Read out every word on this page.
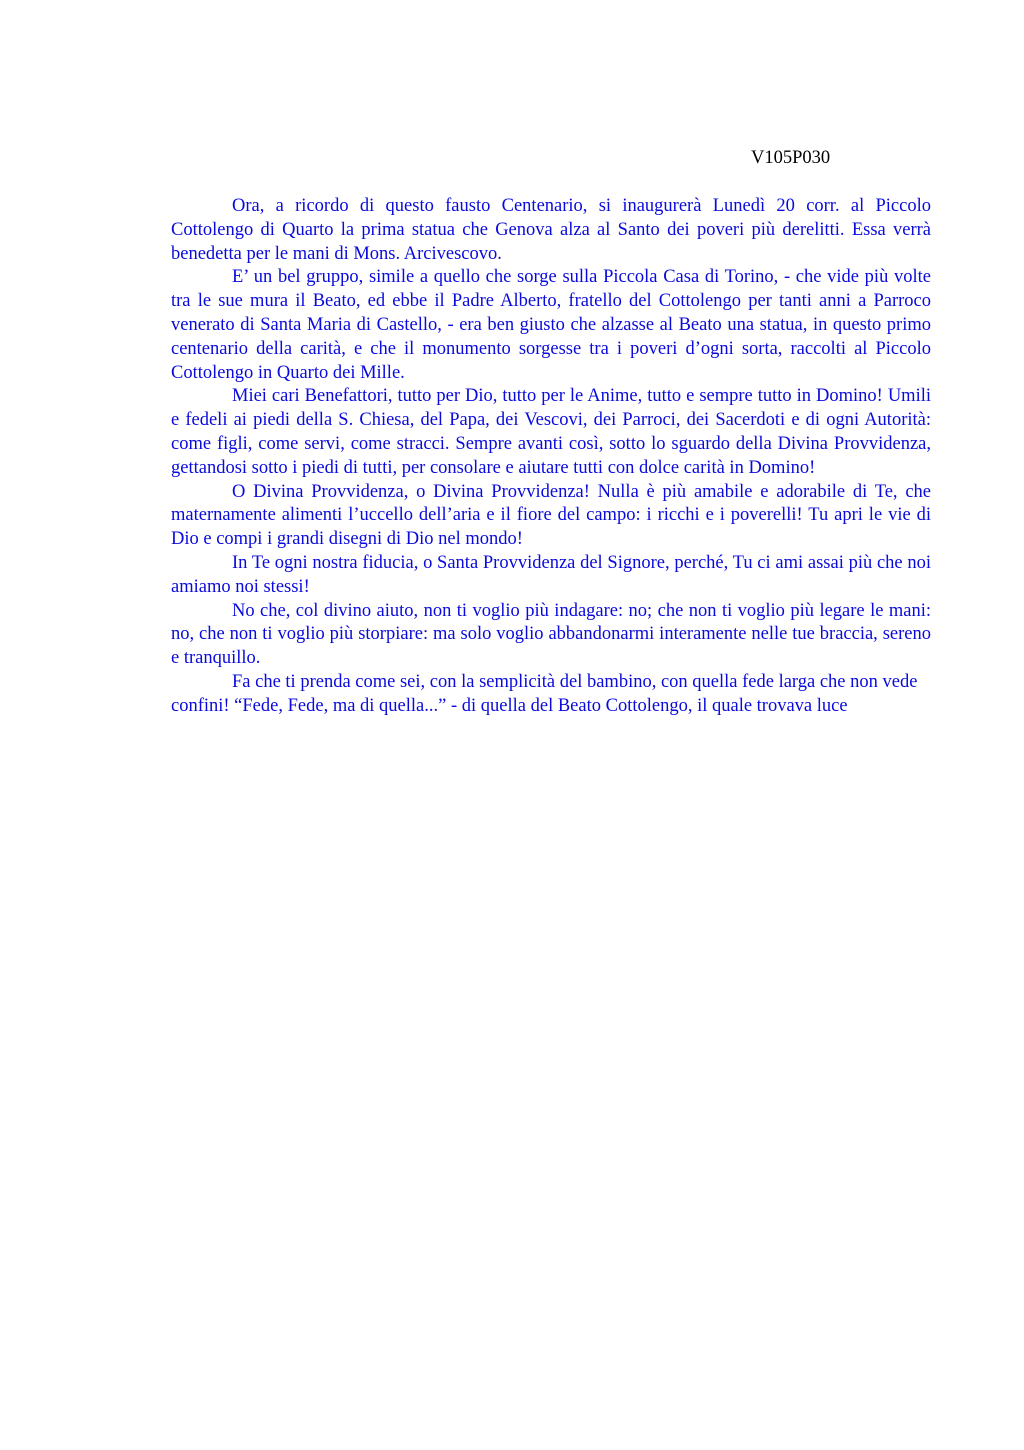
V105P030

Ora, a ricordo di questo fausto Centenario, si inaugurerà Lunedì 20 corr. al Piccolo Cottolengo di Quarto la prima statua che Genova alza al Santo dei poveri più derelitti. Essa verrà benedetta per le mani di Mons. Arcivescovo.

E’ un bel gruppo, simile a quello che sorge sulla Piccola Casa di Torino, - che vide più volte tra le sue mura il Beato, ed ebbe il Padre Alberto, fratello del Cottolengo per tanti anni a Parroco venerato di Santa Maria di Castello, - era ben giusto che alzasse al Beato una statua, in questo primo centenario della carità, e che il monumento sorgesse tra i poveri d’ogni sorta, raccolti al Piccolo Cottolengo in Quarto dei Mille.

Miei cari Benefattori, tutto per Dio, tutto per le Anime, tutto e sempre tutto in Domino! Umili e fedeli ai piedi della S. Chiesa, del Papa, dei Vescovi, dei Parroci, dei Sacerdoti e di ogni Autorità: come figli, come servi, come stracci. Sempre avanti così, sotto lo sguardo della Divina Provvidenza, gettandosi sotto i piedi di tutti, per consolare e aiutare tutti con dolce carità in Domino!

O Divina Provvidenza, o Divina Provvidenza! Nulla è più amabile e adorabile di Te, che maternamente alimenti l’uccello dell’aria e il fiore del campo: i ricchi e i poverelli! Tu apri le vie di Dio e compi i grandi disegni di Dio nel mondo!

In Te ogni nostra fiducia, o Santa Provvidenza del Signore, perché, Tu ci ami assai più che noi amiamo noi stessi!

No che, col divino aiuto, non ti voglio più indagare: no; che non ti voglio più legare le mani: no, che non ti voglio più storpiare: ma solo voglio abbandonarmi interamente nelle tue braccia, sereno e tranquillo.

Fa che ti prenda come sei, con la semplicità del bambino, con quella fede larga che non vede confini! “Fede, Fede, ma di quella...” - di quella del Beato Cottolengo, il quale trovava luce
